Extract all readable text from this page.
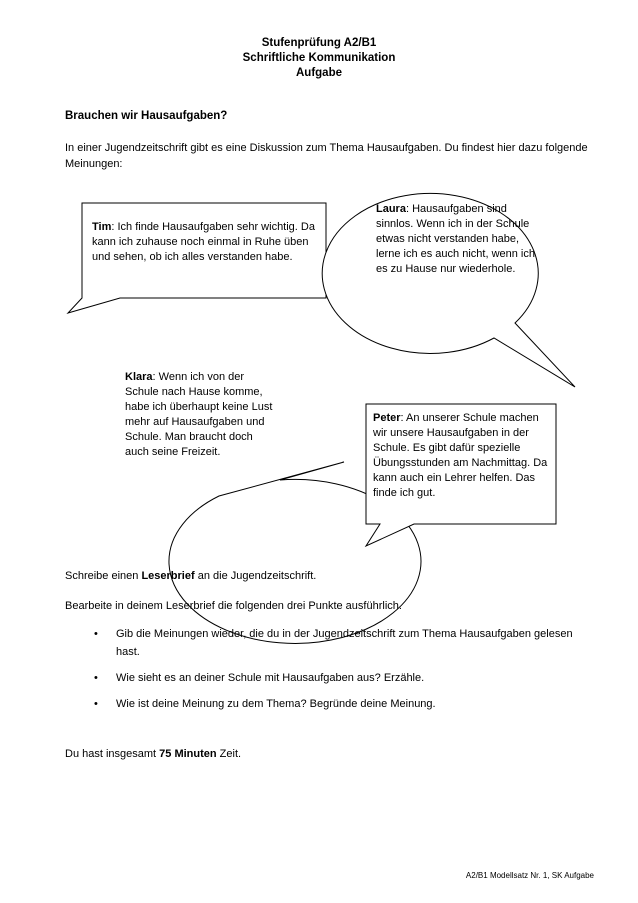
Stufenprüfung A2/B1
Schriftliche Kommunikation
Aufgabe
Brauchen wir Hausaufgaben?
In einer Jugendzeitschrift gibt es eine Diskussion zum Thema Hausaufgaben. Du findest hier dazu folgende Meinungen:
Tim: Ich finde Hausaufgaben sehr wichtig. Da kann ich zuhause noch einmal in Ruhe üben und sehen, ob ich alles verstanden habe.
Laura: Hausaufgaben sind sinnlos. Wenn ich in der Schule etwas nicht verstanden habe, lerne ich es auch nicht, wenn ich es zu Hause nur wiederhole.
Klara: Wenn ich von der Schule nach Hause komme, habe ich überhaupt keine Lust mehr auf Hausaufgaben und Schule. Man braucht doch auch seine Freizeit.
Peter: An unserer Schule machen wir unsere Hausaufgaben in der Schule. Es gibt dafür spezielle Übungsstunden am Nachmittag. Da kann auch ein Lehrer helfen. Das finde ich gut.
Schreibe einen Leserbrief an die Jugendzeitschrift.
Bearbeite in deinem Leserbrief die folgenden drei Punkte ausführlich.
• Gib die Meinungen wieder, die du in der Jugendzeitschrift zum Thema Hausaufgaben gelesen hast.
• Wie sieht es an deiner Schule mit Hausaufgaben aus? Erzähle.
• Wie ist deine Meinung zu dem Thema? Begründe deine Meinung.
Du hast insgesamt 75 Minuten Zeit.
A2/B1 Modellsatz Nr. 1, SK Aufgabe
